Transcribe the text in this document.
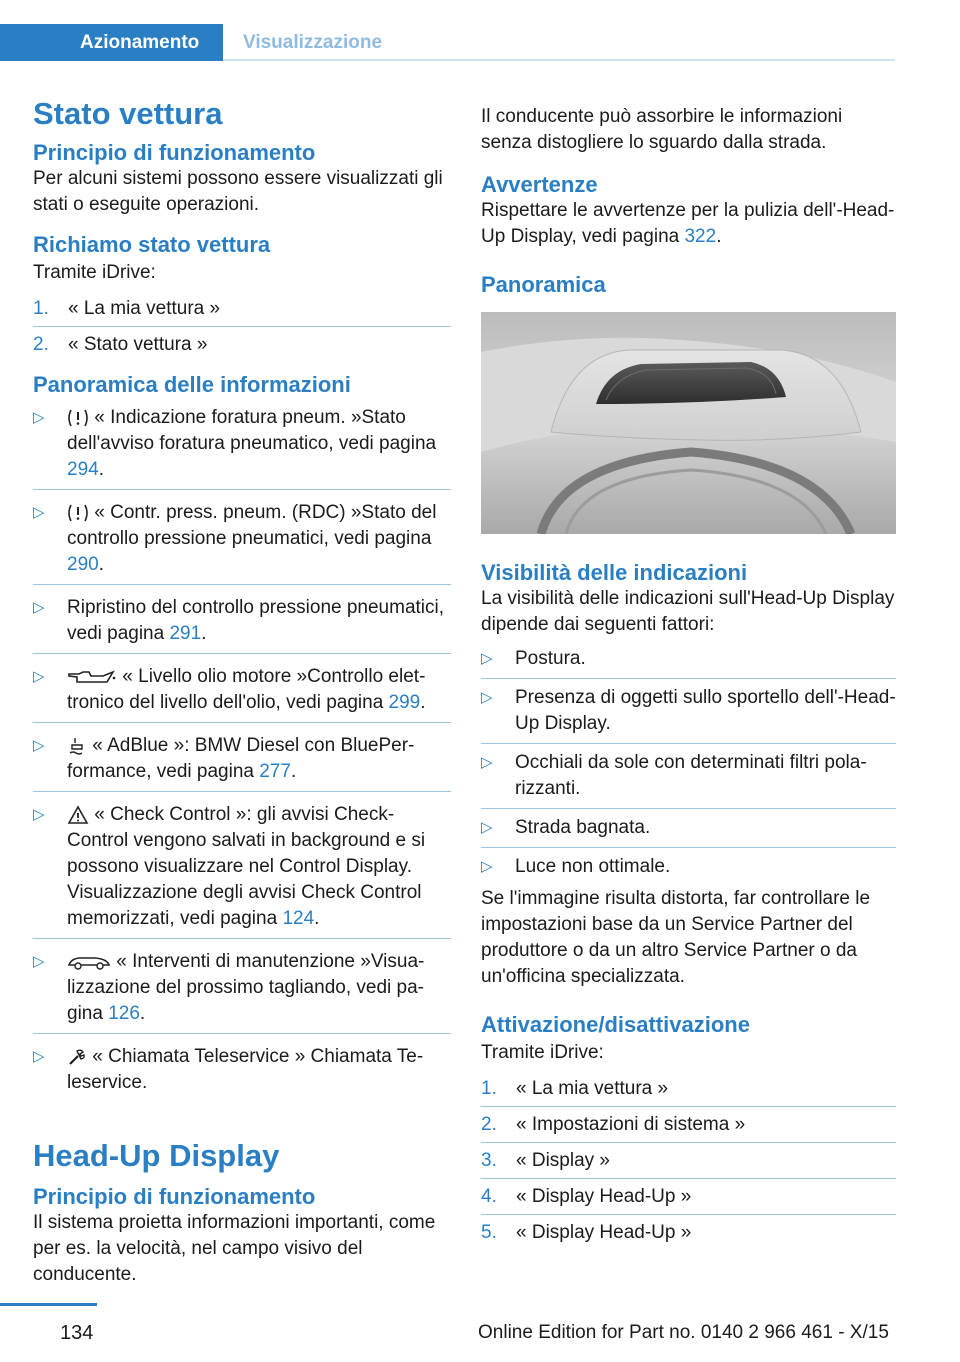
Azionamento Visualizzazione
Stato vettura
Principio di funzionamento

Per alcuni sistemi possono essere visualizzati gli stati o eseguite operazioni.

Richiamo stato vettura

Tramite iDrive:

1. « La mia vettura »
2. « Stato vettura »
Panoramica delle informazioni
▷	« Indicazione foratura pneum. »Stato dell'avviso foratura pneumatico, vedi pagina 294.
▷	« Contr. press. pneum. (RDC) »Stato del controllo pressione pneumatici, vedi pagina 290.
▷ Ripristino del controllo pressione pneumatici, vedi pagina 291.
▷	« Livello olio motore »Controllo elettronico del livello dell'olio, vedi pagina 299.
▷	« AdBlue »: BMW Diesel con BluePerformance, vedi pagina 277.
▷	« Check Control »: gli avvisi Check-Control vengono salvati in background e si possono visualizzare nel Control Display. Visualizzazione degli avvisi Check Control memorizzati, vedi pagina 124.
▷	« Interventi di manutenzione »Visualizzazione del prossimo tagliando, vedi pagina 126.
▷	« Chiamata Teleservice » Chiamata Teleservice.
Head-Up Display
Principio di funzionamento

Il sistema proietta informazioni importanti, come per es. la velocità, nel campo visivo del conducente.

Il conducente può assorbire le informazioni senza distogliere lo sguardo dalla strada.

Avvertenze

Rispettare le avvertenze per la pulizia dell'-Head-Up Display, vedi pagina 322.

Panoramica
Visibilità delle indicazioni

La visibilità delle indicazioni sull'Head-Up Display dipende dai seguenti fattori:

▷ Postura.
▷ Presenza di oggetti sullo sportello dell'-Head-Up Display.
▷ Occhiali da sole con determinati filtri polarizzanti.
▷ Strada bagnata.
▷ Luce non ottimale.

Se l'immagine risulta distorta, far controllare le impostazioni base da un Service Partner del produttore o da un altro Service Partner o da un'officina specializzata.

Attivazione/disattivazione

Tramite iDrive:

1. « La mia vettura »
2. « Impostazioni di sistema »
3. « Display »
4. « Display Head-Up »
5. « Display Head-Up »
134	Online Edition for Part no. 0140 2 966 461 - X/15
